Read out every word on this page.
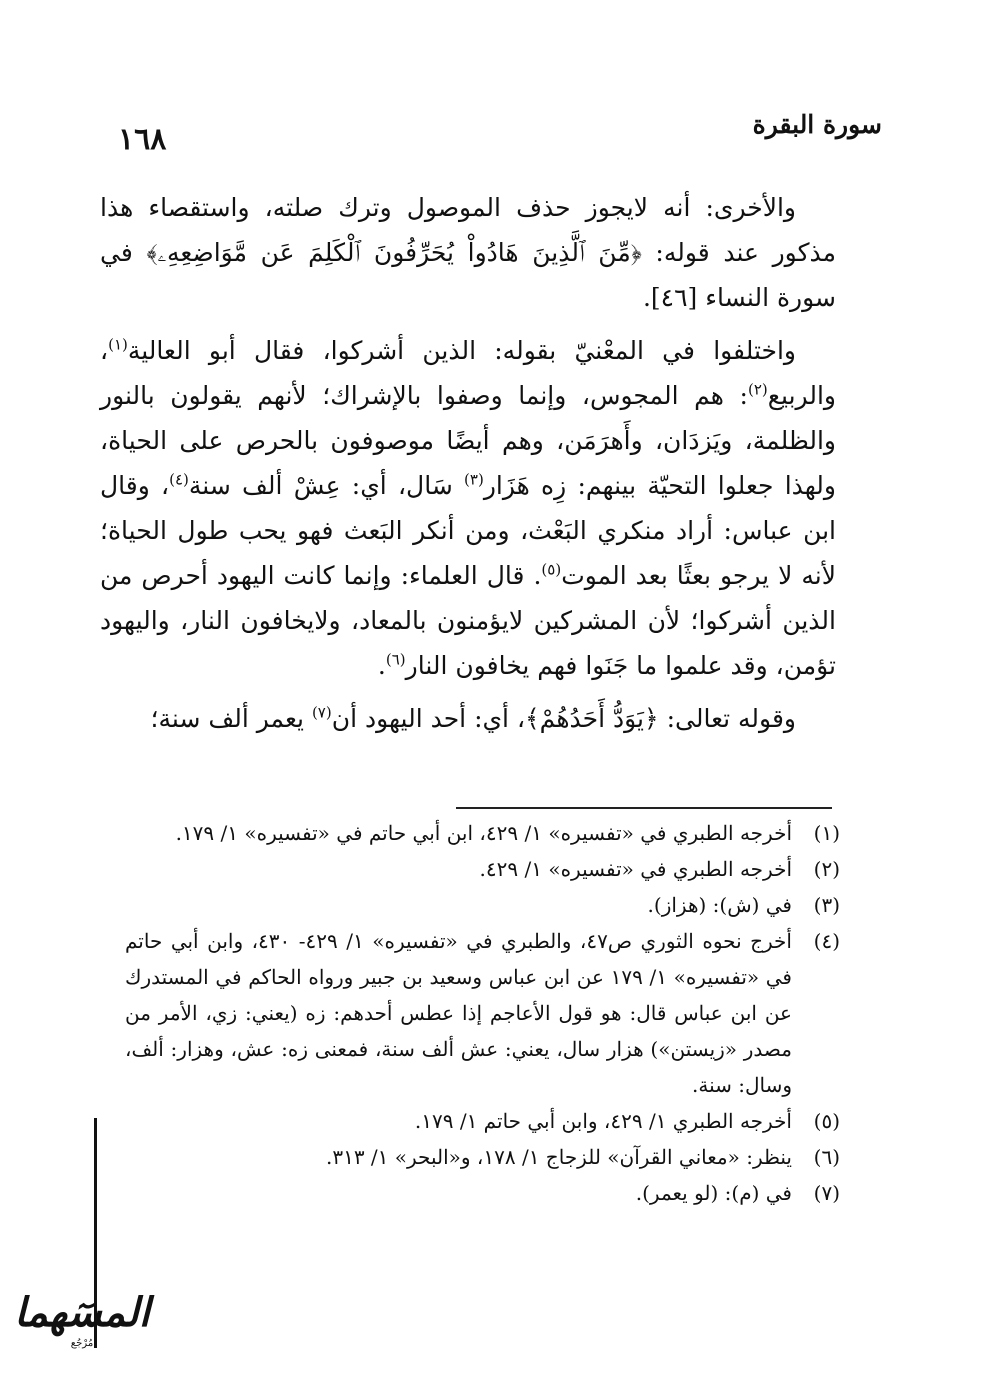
سورة البقرة
١٦٨

والأخرى: أنه لايجوز حذف الموصول وترك صلته، واستقصاء هذا مذكور عند قوله: ﴿مِّنَ ٱلَّذِينَ هَادُواْ يُحَرِّفُونَ ٱلْكَلِمَ عَن مَّوَاضِعِهِۦ﴾ في سورة النساء [٤٦].

واختلفوا في المعْنيّ بقوله: الذين أشركوا، فقال أبو العالية$^{(١)}$، والربيع$^{(٢)}$: هم المجوس، وإنما وصفوا بالإشراك؛ لأنهم يقولون بالنور والظلمة، ويَزدَان، وأَهرَمَن، وهم أيضًا موصوفون بالحرص على الحياة، ولهذا جعلوا التحيّة بينهم: زِه هَزَار$^{(٣)}$ سَال، أي: عِشْ ألف سنة$^{(٤)}$، وقال ابن عباس: أراد منكري البَعْث، ومن أنكر البَعث فهو يحب طول الحياة؛ لأنه لا يرجو بعثًا بعد الموت$^{(٥)}$. قال العلماء: وإنما كانت اليهود أحرص من الذين أشركوا؛ لأن المشركين لايؤمنون بالمعاد، ولايخافون النار، واليهود تؤمن، وقد علموا ما جَنَوا فهم يخافون النار$^{(٦)}$.

وقوله تعالى: ﴿يَوَدُّ أَحَدُهُمْ﴾، أي: أحد اليهود أن$^{(٧)}$ يعمر ألف سنة؛

(١)
أخرجه الطبري في «تفسيره» ١/ ٤٢٩، ابن أبي حاتم في «تفسيره» ١/ ١٧٩.
(٢)
أخرجه الطبري في «تفسيره» ١/ ٤٢٩.
(٣)
في (ش): (هزاز).
(٤)
أخرج نحوه الثوري ص٤٧، والطبري في «تفسيره» ١/ ٤٢٩- ٤٣٠، وابن أبي حاتم في «تفسيره» ١/ ١٧٩ عن ابن عباس وسعيد بن جبير ورواه الحاكم في المستدرك عن ابن عباس قال: هو قول الأعاجم إذا عطس أحدهم: زه (يعني: زي، الأمر من مصدر «زيستن») هزار سال، يعني: عش ألف سنة، فمعنى زه: عش، وهزار: ألف، وسال: سنة.
(٥)
أخرجه الطبري ١/ ٤٢٩، وابن أبي حاتم ١/ ١٧٩.
(٦)
ينظر: «معاني القرآن» للزجاج ١/ ١٧٨، و«البحر» ١/ ٣١٣.
(٧)
في (م): (لو يعمر).
المسٓهما
مُرْجُع
